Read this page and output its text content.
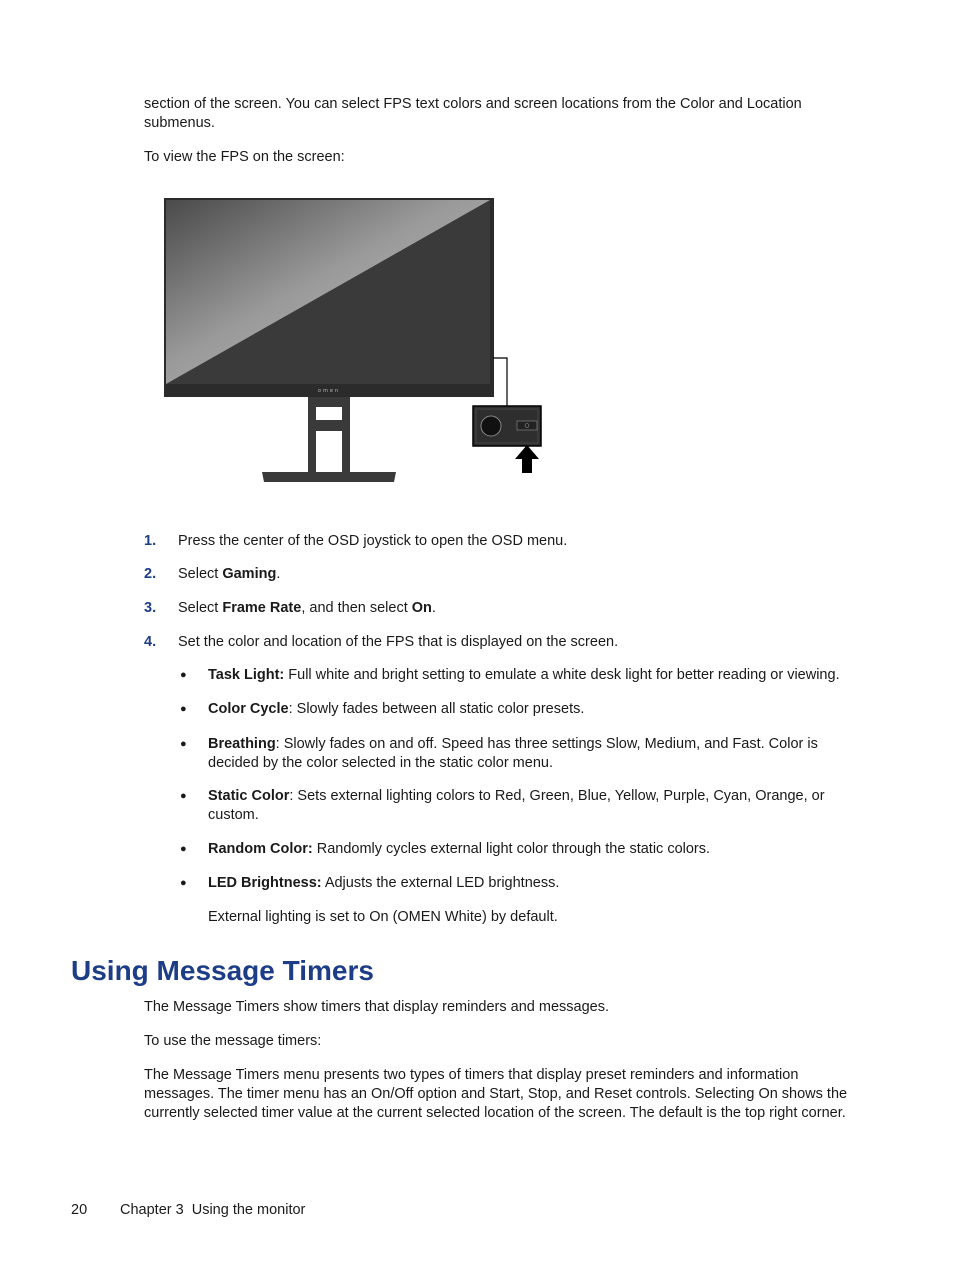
section of the screen. You can select FPS text colors and screen locations from the Color and Location submenus.

To view the FPS on the screen:

omen
1. Press the center of the OSD joystick to open the OSD menu.
2. Select Gaming.
3. Select Frame Rate, and then select On.
4. Set the color and location of the FPS that is displayed on the screen.
● Task Light: Full white and bright setting to emulate a white desk light for better reading or viewing.
● Color Cycle: Slowly fades between all static color presets.
● Breathing: Slowly fades on and off. Speed has three settings Slow, Medium, and Fast. Color is decided by the color selected in the static color menu.
● Static Color: Sets external lighting colors to Red, Green, Blue, Yellow, Purple, Cyan, Orange, or custom.
● Random Color: Randomly cycles external light color through the static colors.
● LED Brightness: Adjusts the external LED brightness.

External lighting is set to On (OMEN White) by default.

Using Message Timers

The Message Timers show timers that display reminders and messages.

To use the message timers:

The Message Timers menu presents two types of timers that display preset reminders and information messages. The timer menu has an On/Off option and Start, Stop, and Reset controls. Selecting On shows the currently selected timer value at the current selected location of the screen. The default is the top right corner.

20 Chapter 3  Using the monitor
